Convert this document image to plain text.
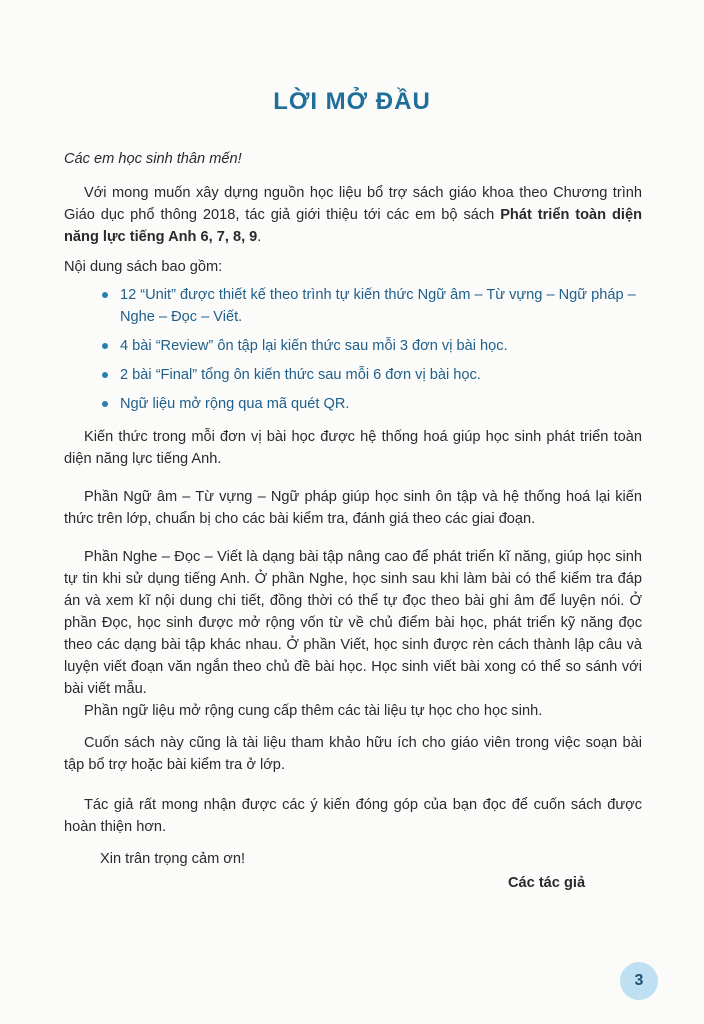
LỜI MỞ ĐẦU
Các em học sinh thân mến!
Với mong muốn xây dựng nguồn học liệu bổ trợ sách giáo khoa theo Chương trình Giáo dục phổ thông 2018, tác giả giới thiệu tới các em bộ sách Phát triển toàn diện năng lực tiếng Anh 6, 7, 8, 9.
Nội dung sách bao gồm:
12 “Unit” được thiết kế theo trình tự kiến thức Ngữ âm – Từ vựng – Ngữ pháp – Nghe – Đọc – Viết.
4 bài “Review” ôn tập lại kiến thức sau mỗi 3 đơn vị bài học.
2 bài “Final” tổng ôn kiến thức sau mỗi 6 đơn vị bài học.
Ngữ liệu mở rộng qua mã quét QR.
Kiến thức trong mỗi đơn vị bài học được hệ thống hoá giúp học sinh phát triển toàn diện năng lực tiếng Anh.
Phần Ngữ âm – Từ vựng – Ngữ pháp giúp học sinh ôn tập và hệ thống hoá lại kiến thức trên lớp, chuẩn bị cho các bài kiểm tra, đánh giá theo các giai đoạn.
Phần Nghe – Đọc – Viết là dạng bài tập nâng cao để phát triển kĩ năng, giúp học sinh tự tin khi sử dụng tiếng Anh. Ở phần Nghe, học sinh sau khi làm bài có thể kiểm tra đáp án và xem kĩ nội dung chi tiết, đồng thời có thể tự đọc theo bài ghi âm để luyện nói. Ở phần Đọc, học sinh được mở rộng vốn từ về chủ điểm bài học, phát triển kỹ năng đọc theo các dạng bài tập khác nhau. Ở phần Viết, học sinh được rèn cách thành lập câu và luyện viết đoạn văn ngắn theo chủ đề bài học. Học sinh viết bài xong có thể so sánh với bài viết mẫu.
Phần ngữ liệu mở rộng cung cấp thêm các tài liệu tự học cho học sinh.
Cuốn sách này cũng là tài liệu tham khảo hữu ích cho giáo viên trong việc soạn bài tập bổ trợ hoặc bài kiểm tra ở lớp.
Tác giả rất mong nhận được các ý kiến đóng góp của bạn đọc để cuốn sách được hoàn thiện hơn.
Xin trân trọng cảm ơn!
Các tác giả
3
